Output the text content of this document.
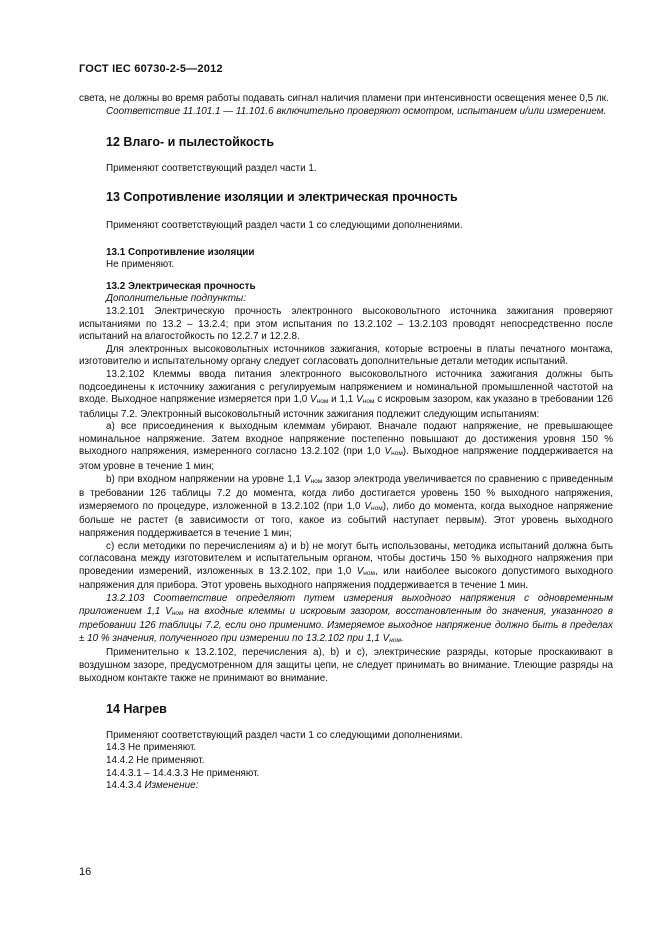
ГОСТ IEC 60730-2-5—2012

света, не должны во время работы подавать сигнал наличия пламени при интенсивности освещения менее 0,5 лк.

Соответствие 11.101.1 — 11.101.6 включительно проверяют осмотром, испытанием и/или измерением.

12 Влаго- и пылестойкость

Применяют соответствующий раздел части 1.

13 Сопротивление изоляции и электрическая прочность

Применяют соответствующий раздел части 1 со следующими дополнениями.

13.1 Сопротивление изоляции

Не применяют.

13.2 Электрическая прочность

Дополнительные подпункты:

13.2.101 Электрическую прочность электронного высоковольтного источника зажигания проверяют испытаниями по 13.2 – 13.2.4; при этом испытания по 13.2.102 – 13.2.103 проводят непосредственно после испытаний на влагостойкость по 12.2.7 и 12.2.8.

Для электронных высоковольтных источников зажигания, которые встроены в платы печатного монтажа, изготовителю и испытательному органу следует согласовать дополнительные детали методик испытаний.

13.2.102 Клеммы ввода питания электронного высоковольтного источника зажигания должны быть подсоединены к источнику зажигания с регулируемым напряжением и номинальной промышленной частотой на входе. Выходное напряжение измеряется при 1,0 $V_{ном}$ и 1,1 $V_{ном}$ с искровым зазором, как указано в требовании 126 таблицы 7.2. Электронный высоковольтный источник зажигания подлежит следующим испытаниям:

a) все присоединения к выходным клеммам убирают. Вначале подают напряжение, не превышающее номинальное напряжение. Затем входное напряжение постепенно повышают до достижения уровня 150 % выходного напряжения, измеренного согласно 13.2.102 (при 1,0 $V_{ном}$). Выходное напряжение поддерживается на этом уровне в течение 1 мин;

b) при входном напряжении на уровне 1,1 $V_{ном}$ зазор электрода увеличивается по сравнению с приведенным в требовании 126 таблицы 7.2 до момента, когда либо достигается уровень 150 % выходного напряжения, измеряемого по процедуре, изложенной в 13.2.102 (при 1,0 $V_{ном}$), либо до момента, когда выходное напряжение больше не растет (в зависимости от того, какое из событий наступает первым). Этот уровень выходного напряжения поддерживается в течение 1 мин;

c) если методики по перечислениям a) и b) не могут быть использованы, методика испытаний должна быть согласована между изготовителем и испытательным органом, чтобы достичь 150 % выходного напряжения при проведении измерений, изложенных в 13.2.102, при 1,0 $V_{ном}$, или наиболее высокого допустимого выходного напряжения для прибора. Этот уровень выходного напряжения поддерживается в течение 1 мин.

13.2.103 Соответствие определяют путем измерения выходного напряжения с одновременным приложением 1,1 $V_{ном}$ на входные клеммы и искровым зазором, восстановленным до значения, указанного в требовании 126 таблицы 7.2, если оно применимо. Измеряемое выходное напряжение должно быть в пределах ± 10 % значения, полученного при измерении по 13.2.102 при 1,1 $V_{ном}$.

Применительно к 13.2.102, перечисления a), b) и c), электрические разряды, которые проскакивают в воздушном зазоре, предусмотренном для защиты цепи, не следует принимать во внимание. Тлеющие разряды на выходном контакте также не принимают во внимание.

14 Нагрев

Применяют соответствующий раздел части 1 со следующими дополнениями.

14.3 Не применяют.

14.4.2 Не применяют.

14.4.3.1 – 14.4.3.3 Не применяют.

14.4.3.4 Изменение:

16
